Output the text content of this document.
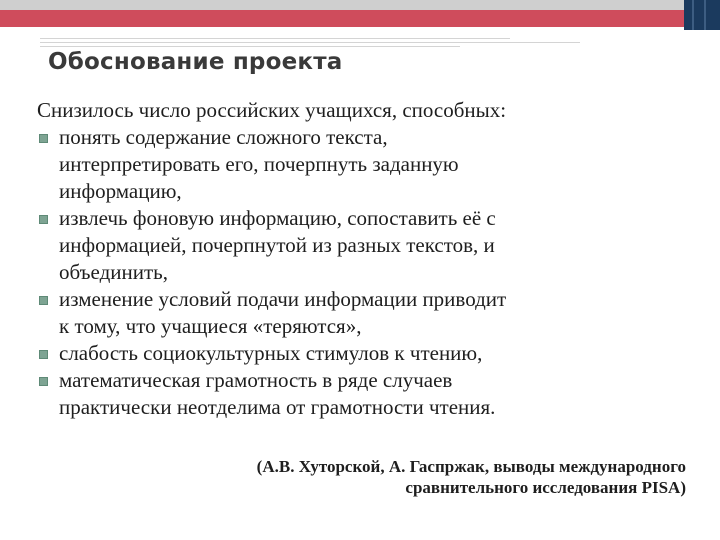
Обоснование проекта
Снизилось число российских учащихся, способных:
понять содержание сложного текста,
интерпретировать его, почерпнуть заданную
информацию,
извлечь фоновую информацию, сопоставить её с
информацией, почерпнутой из разных текстов, и
объединить,
изменение условий подачи информации приводит
к тому, что учащиеся «теряются»,
слабость социокультурных стимулов к чтению,
математическая грамотность в ряде случаев
практически неотделима от грамотности чтения.
(А.В. Хуторской, А. Гаспржак, выводы международного
сравнительного исследования PISA)
